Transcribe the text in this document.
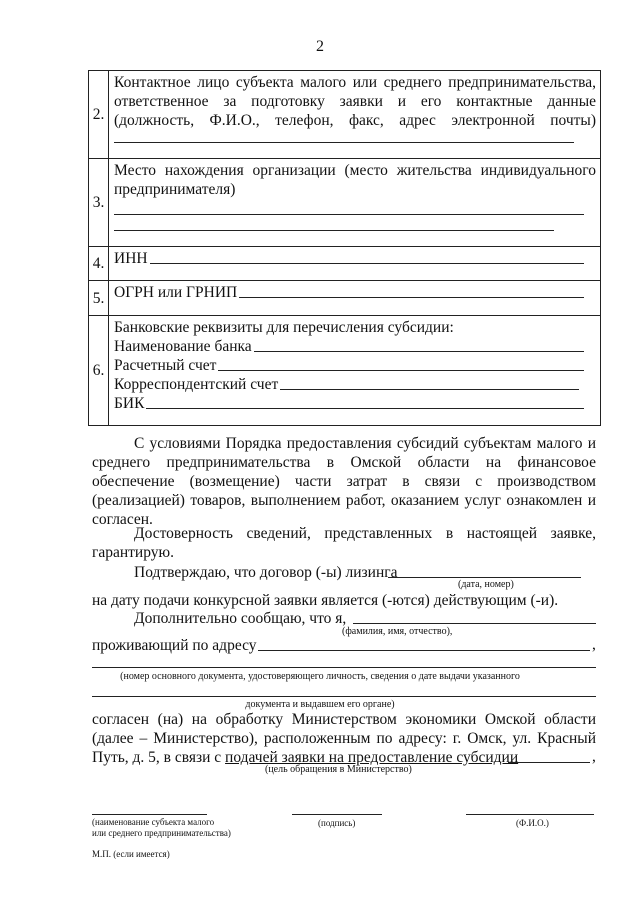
2
2.	Контактное лицо субъекта малого или среднего предпринимательства, ответственное за подготовку заявки и его контактные данные (должность, Ф.И.О., телефон, факс, адрес электронной почты)

3.	Место нахождения организации (место жительства индивидуального предпринимателя)

4.	ИНН

5.	ОГРН или ГРНИП

6.	Банковские реквизиты для перечисления субсидии:
Наименование банка
Расчетный счет
Корреспондентский счет
БИК
С условиями Порядка предоставления субсидий субъектам малого и среднего предпринимательства в Омской области на финансовое обеспечение (возмещение) части затрат в связи с производством (реализацией) товаров, выполнением работ, оказанием услуг ознакомлен и согласен.
Достоверность сведений, представленных в настоящей заявке, гарантирую.
Подтверждаю, что договор (-ы) лизинга
(дата, номер)
на дату подачи конкурсной заявки является (-ются) действующим (-и).
Дополнительно сообщаю, что я,
(фамилия, имя, отчество),
проживающий по адресу	,
(номер основного документа, удостоверяющего личность, сведения о дате выдачи указанного
документа и выдавшем его органе)
согласен (на) на обработку Министерством экономики Омской области
(далее – Министерство), расположенным по адресу: г. Омск, ул. Красный
Путь, д. 5, в связи с подачей заявки на предоставление субсидии	,
(цель обращения в Министерство)
(наименование субъекта малого
или среднего предпринимательства)
(подпись)	(Ф.И.О.)
М.П. (если имеется)
